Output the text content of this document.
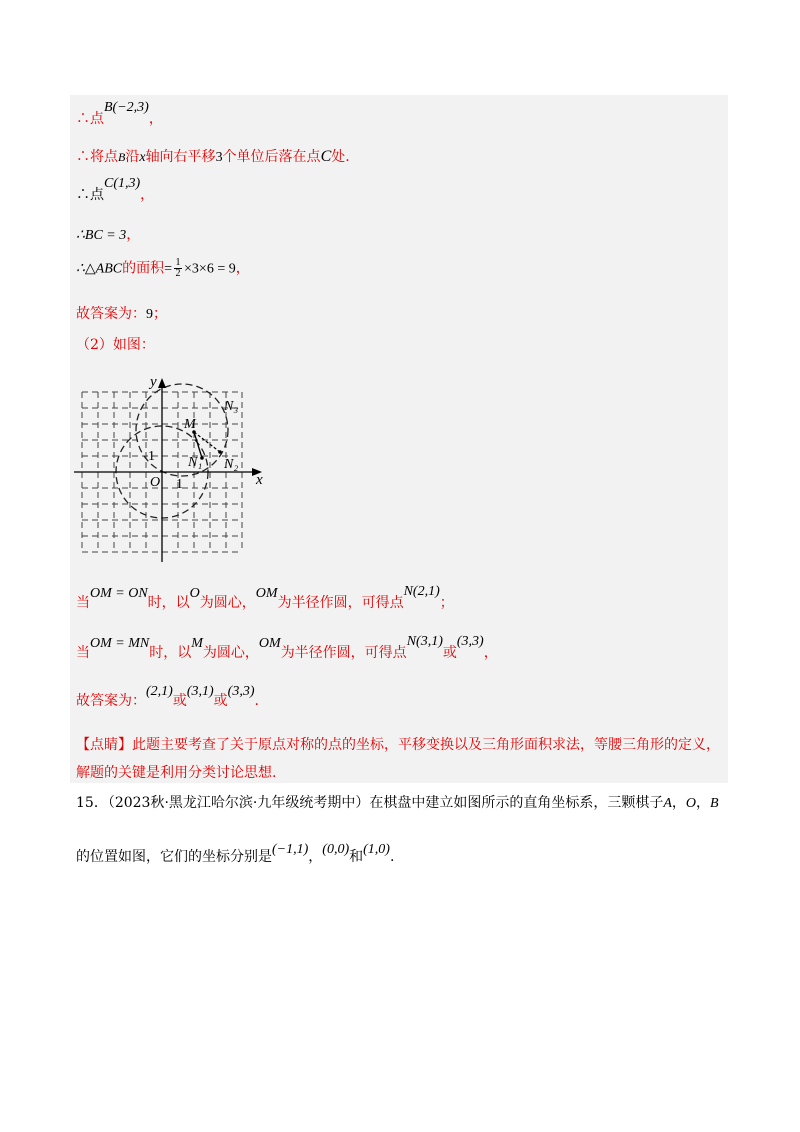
∴点B(−2,3)，
∴将点B沿x轴向右平移3个单位后落在点C处.
∴点C(1,3)，
∴BC = 3，
∴△ABC的面积= $\frac{1}{2} \times 3\times 6 = 9$，
故答案为：9；
（2）如图：
y
x
O 1
1
M
N₁ N₂
N₃
当OM = ON时，以O为圆心，OM为半径作圆，可得点N(2,1)；
当OM = MN时，以M为圆心，OM为半径作圆，可得点N(3,1)或(3,3)，
故答案为：(2,1)或(3,1)或(3,3).
【点睛】此题主要考查了关于原点对称的点的坐标，平移变换以及三角形面积求法，等腰三角形的定义，
解题的关键是利用分类讨论思想.
15．（2023秋·黑龙江哈尔滨·九年级统考期中）在棋盘中建立如图所示的直角坐标系，三颗棋子A，O，B
的位置如图，它们的坐标分别是(−1,1)，(0,0)和(1,0).
